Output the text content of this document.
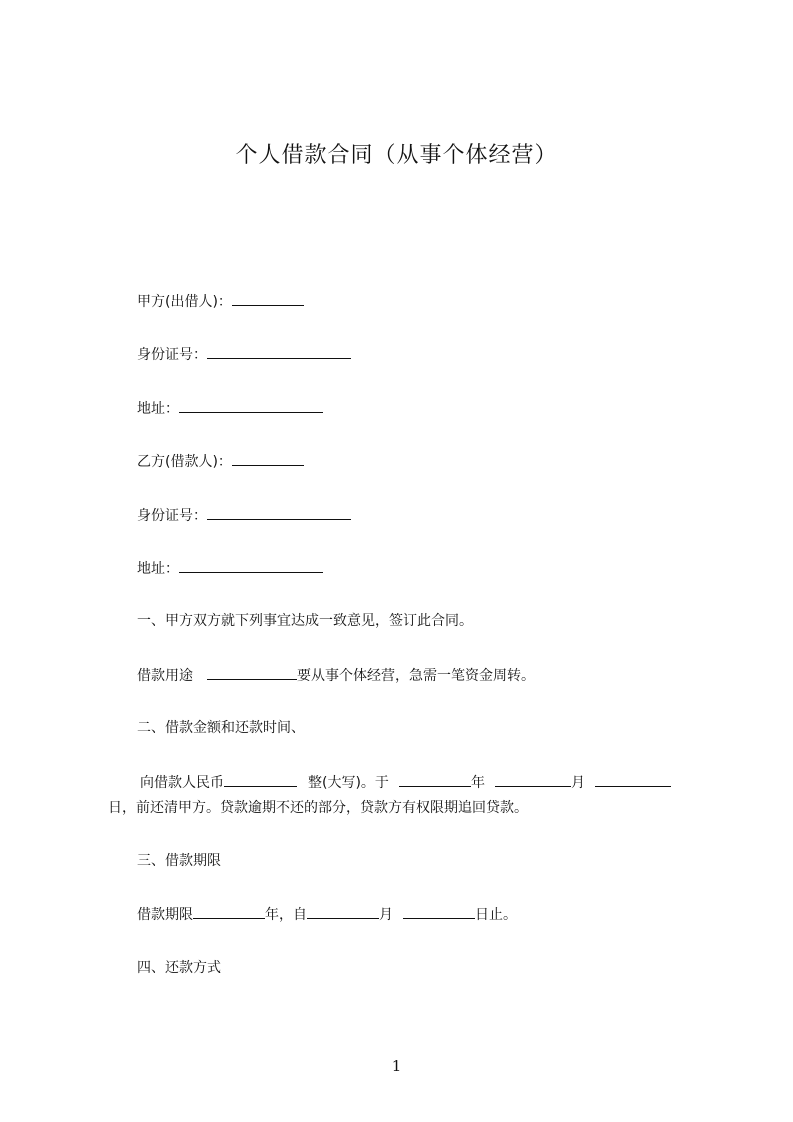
个人借款合同（从事个体经营）
甲方(出借人)：
身份证号：
地址：
乙方(借款人)：
身份证号：
地址：
一、甲方双方就下列事宜达成一致意见，签订此合同。
借款用途	要从事个体经营，急需一笔资金周转。
二、借款金额和还款时间、
向借款人民币	整(大写)。于	年	月
日，前还清甲方。贷款逾期不还的部分，贷款方有权限期追回贷款。
三、借款期限
借款期限	年，自	月	日止。
四、还款方式
1
